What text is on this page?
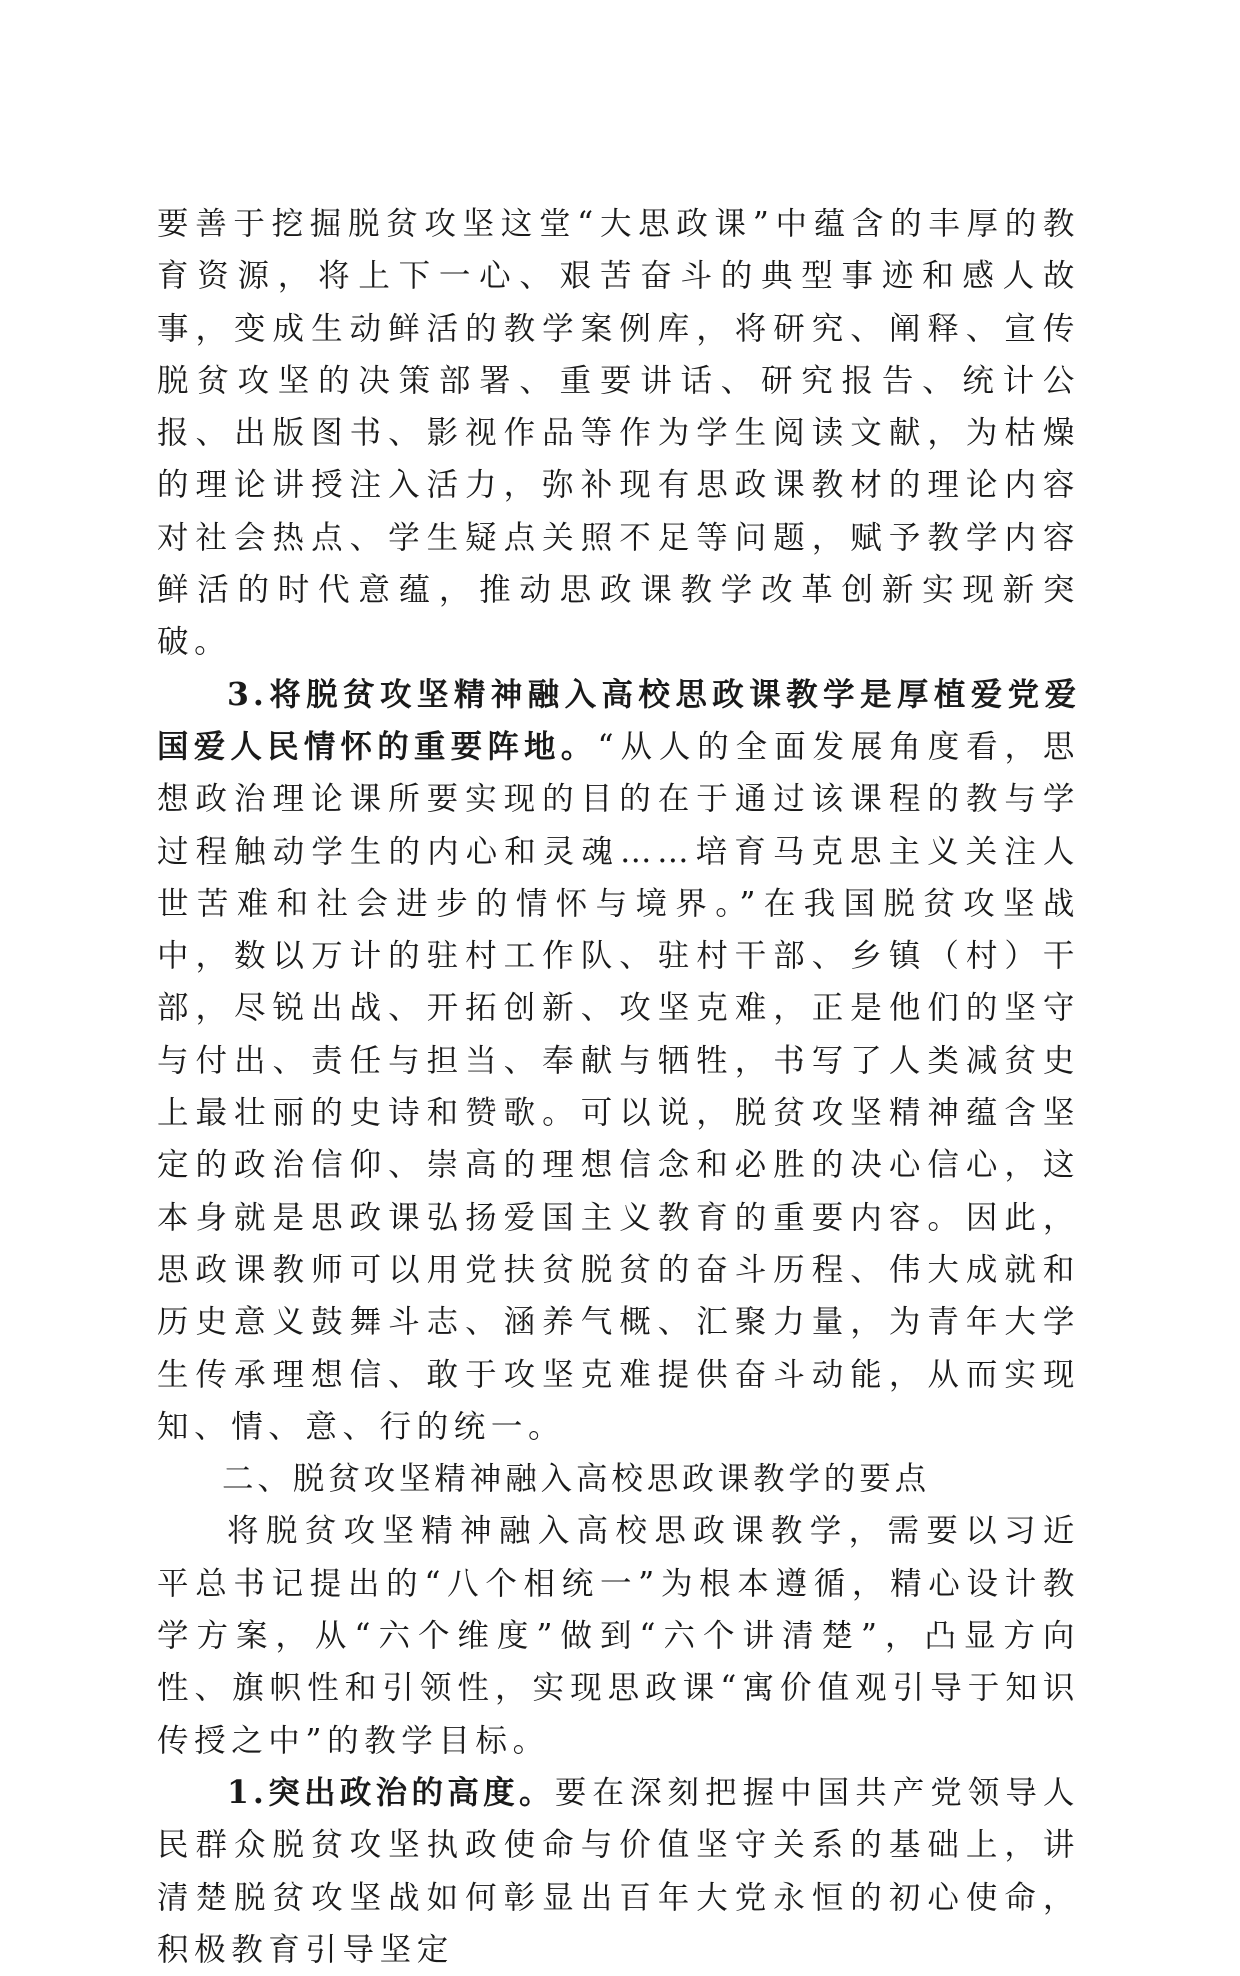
要善于挖掘脱贫攻坚这堂“大思政课”中蕴含的丰厚的教育资源，将上下一心、艰苦奋斗的典型事迹和感人故事，变成生动鲜活的教学案例库，将研究、阐释、宣传脱贫攻坚的决策部署、重要讲话、研究报告、统计公报、出版图书、影视作品等作为学生阅读文献，为枯燥的理论讲授注入活力，弥补现有思政课教材的理论内容对社会热点、学生疑点关照不足等问题，赋予教学内容鲜活的时代意蕴，推动思政课教学改革创新实现新突破。

3.将脱贫攻坚精神融入高校思政课教学是厚植爱党爱国爱人民情怀的重要阵地。“从人的全面发展角度看，思想政治理论课所要实现的目的在于通过该课程的教与学过程触动学生的内心和灵魂……培育马克思主义关注人世苦难和社会进步的情怀与境界。”在我国脱贫攻坚战中，数以万计的驻村工作队、驻村干部、乡镇（村）干部，尽锐出战、开拓创新、攻坚克难，正是他们的坚守与付出、责任与担当、奉献与牺牲，书写了人类减贫史上最壮丽的史诗和赞歌。可以说，脱贫攻坚精神蕴含坚定的政治信仰、崇高的理想信念和必胜的决心信心，这本身就是思政课弘扬爱国主义教育的重要内容。因此，思政课教师可以用党扶贫脱贫的奋斗历程、伟大成就和历史意义鼓舞斗志、涵养气概、汇聚力量，为青年大学生传承理想信、敢于攻坚克难提供奋斗动能，从而实现知、情、意、行的统一。

二、脱贫攻坚精神融入高校思政课教学的要点

将脱贫攻坚精神融入高校思政课教学，需要以习近平总书记提出的“八个相统一”为根本遵循，精心设计教学方案，从“六个维度”做到“六个讲清楚”，凸显方向性、旗帜性和引领性，实现思政课“寓价值观引导于知识传授之中”的教学目标。

1.突出政治的高度。要在深刻把握中国共产党领导人民群众脱贫攻坚执政使命与价值坚守关系的基础上，讲清楚脱贫攻坚战如何彰显出百年大党永恒的初心使命，积极教育引导坚定
